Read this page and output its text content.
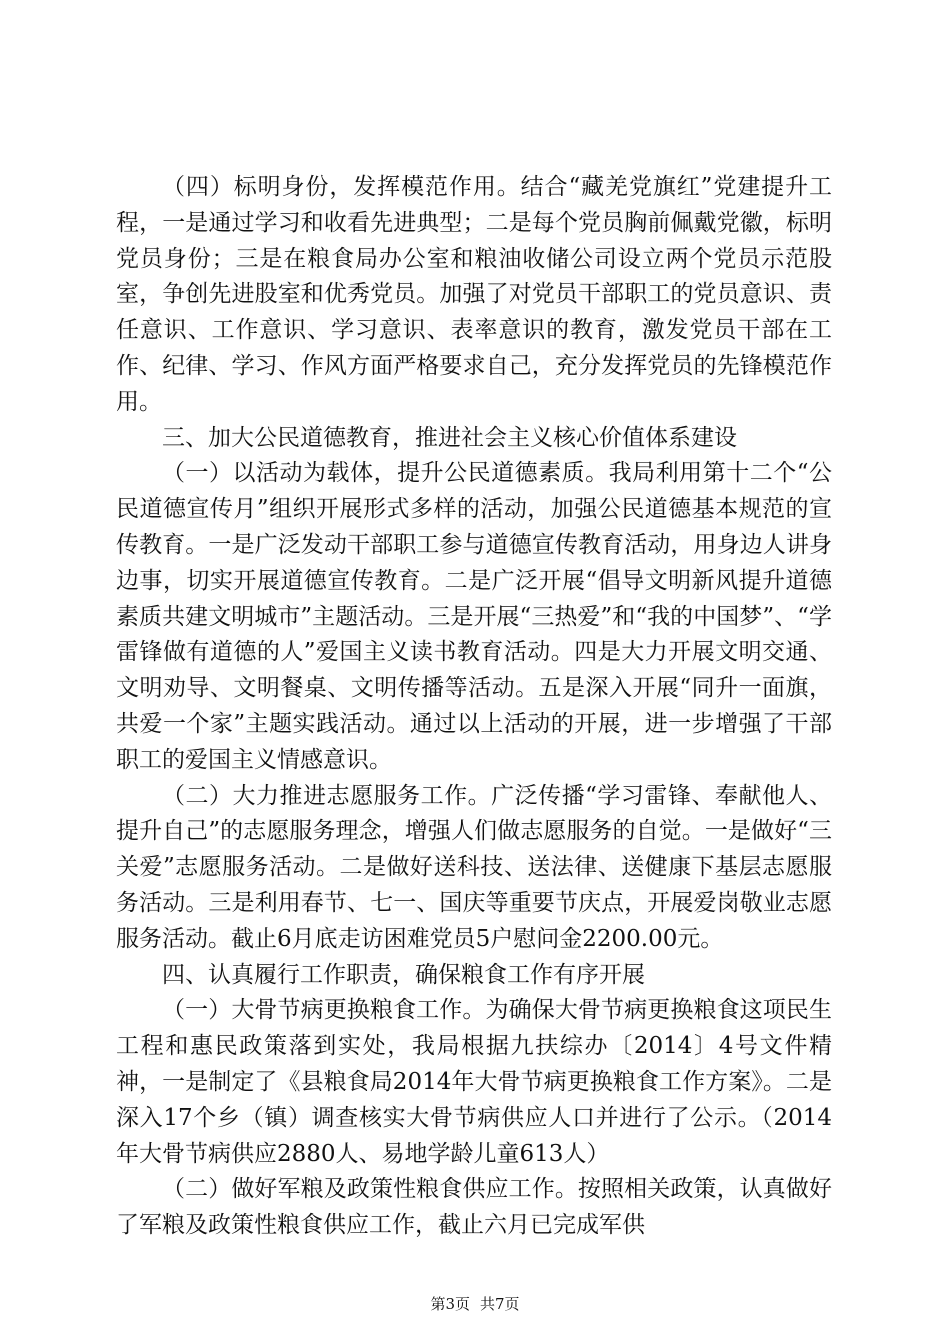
（四）标明身份，发挥模范作用。结合“藏羌党旗红”党建提升工程，一是通过学习和收看先进典型；二是每个党员胸前佩戴党徽，标明党员身份；三是在粮食局办公室和粮油收储公司设立两个党员示范股室，争创先进股室和优秀党员。加强了对党员干部职工的党员意识、责任意识、工作意识、学习意识、表率意识的教育，激发党员干部在工作、纪律、学习、作风方面严格要求自己，充分发挥党员的先锋模范作用。

三、加大公民道德教育，推进社会主义核心价值体系建设

（一）以活动为载体，提升公民道德素质。我局利用第十二个“公民道德宣传月”组织开展形式多样的活动，加强公民道德基本规范的宣传教育。一是广泛发动干部职工参与道德宣传教育活动，用身边人讲身边事，切实开展道德宣传教育。二是广泛开展“倡导文明新风提升道德素质共建文明城市”主题活动。三是开展“三热爱”和“我的中国梦”、“学雷锋做有道德的人”爱国主义读书教育活动。四是大力开展文明交通、文明劝导、文明餐桌、文明传播等活动。五是深入开展“同升一面旗，共爱一个家”主题实践活动。通过以上活动的开展，进一步增强了干部职工的爱国主义情感意识。

（二）大力推进志愿服务工作。广泛传播“学习雷锋、奉献他人、提升自己”的志愿服务理念，增强人们做志愿服务的自觉。一是做好“三关爱”志愿服务活动。二是做好送科技、送法律、送健康下基层志愿服务活动。三是利用春节、七一、国庆等重要节庆点，开展爱岗敬业志愿服务活动。截止6月底走访困难党员5户慰问金2200.00元。

四、认真履行工作职责，确保粮食工作有序开展

（一）大骨节病更换粮食工作。为确保大骨节病更换粮食这项民生工程和惠民政策落到实处，我局根据九扶综办〔2014〕4号文件精神，一是制定了《县粮食局2014年大骨节病更换粮食工作方案》。二是深入17个乡（镇）调查核实大骨节病供应人口并进行了公示。（2014年大骨节病供应2880人、易地学龄儿童613人）

（二）做好军粮及政策性粮食供应工作。按照相关政策，认真做好了军粮及政策性粮食供应工作，截止六月已完成军供

第3页 共7页
